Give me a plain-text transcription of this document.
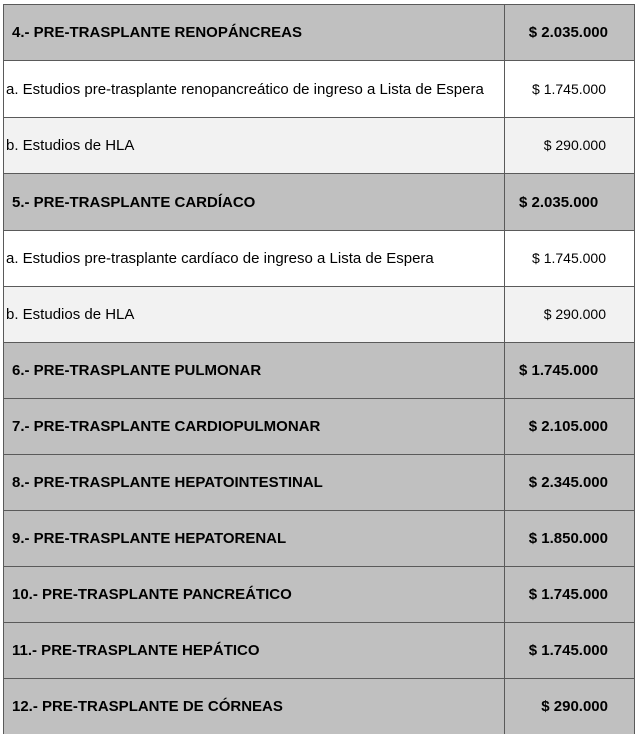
4.- PRE-TRASPLANTE RENOPÁNCREAS	$ 2.035.000
a. Estudios pre-trasplante renopancreático de ingreso a Lista de Espera	$ 1.745.000
b. Estudios de HLA	$ 290.000
5.- PRE-TRASPLANTE CARDÍACO	$ 2.035.000
a. Estudios pre-trasplante cardíaco de ingreso a Lista de Espera	$ 1.745.000
b. Estudios de HLA	$ 290.000
6.- PRE-TRASPLANTE PULMONAR	$ 1.745.000
7.- PRE-TRASPLANTE CARDIOPULMONAR	$ 2.105.000
8.- PRE-TRASPLANTE HEPATOINTESTINAL	$ 2.345.000
9.- PRE-TRASPLANTE HEPATORENAL	$ 1.850.000
10.- PRE-TRASPLANTE PANCREÁTICO	$ 1.745.000
11.- PRE-TRASPLANTE HEPÁTICO	$ 1.745.000
12.- PRE-TRASPLANTE DE CÓRNEAS	$ 290.000
